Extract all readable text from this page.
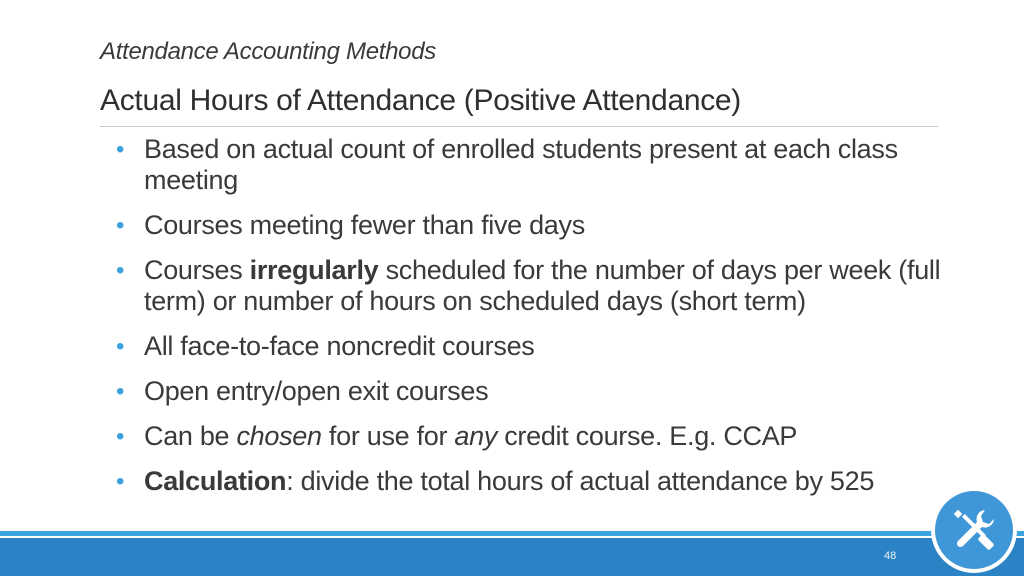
Attendance Accounting Methods
Actual Hours of Attendance (Positive Attendance)
• Based on actual count of enrolled students present at each class meeting
• Courses meeting fewer than five days
• Courses irregularly scheduled for the number of days per week (full term) or number of hours on scheduled days (short term)
• All face-to-face noncredit courses
• Open entry/open exit courses
• Can be chosen for use for any credit course. E.g. CCAP
• Calculation: divide the total hours of actual attendance by 525
48
